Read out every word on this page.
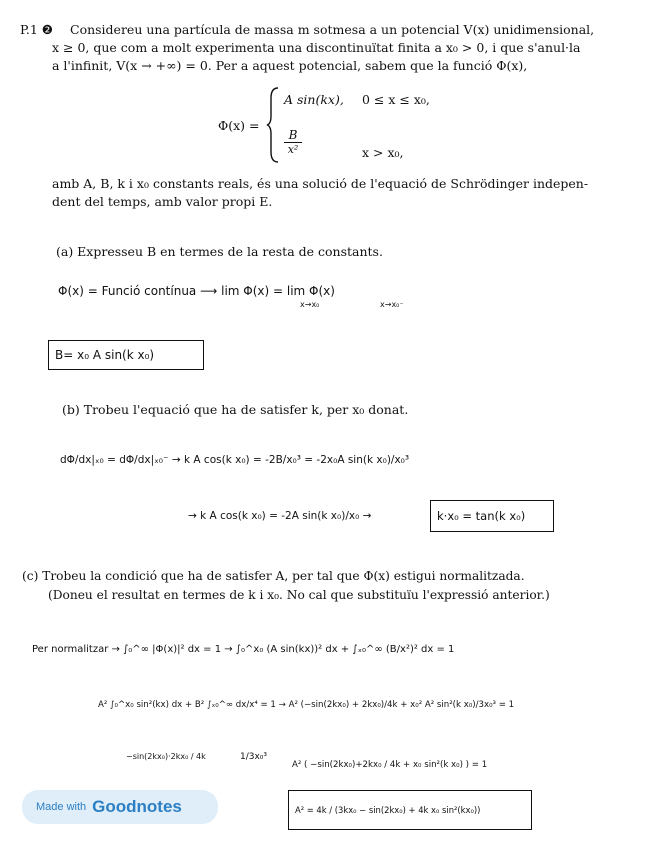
P.1 ❷ Considereu una partícula de massa m sotmesa a un potencial V(x) unidimensional,
x ≥ 0, que com a molt experimenta una discontinuïtat finita a x₀ > 0, i que s'anul·la
a l'infinit, V(x → +∞) = 0. Per a aquest potencial, sabem que la funció Φ(x),
Φ(x) =
A sin(kx), 0 ≤ x ≤ x₀,
$\frac{B}{\text{x²}}$	x > x₀,
amb A, B, k i x₀ constants reals, és una solució de l'equació de Schrödinger indepen-
dent del temps, amb valor propi E.
(a) Expresseu B en termes de la resta de constants.
Φ(x) = Funció contínua ⟶ lim Φ(x) = lim Φ(x)
x→x₀	x→x₀⁻
B= x₀ A sin(k x₀)
(b) Trobeu l'equació que ha de satisfer k, per x₀ donat.
dΦ/dx|ₓ₀ = dΦ/dx|ₓ₀⁻ → k A cos(k x₀) = -2B/x₀³ = -2x₀A sin(k x₀)/x₀³
→ k A cos(k x₀) = -2A sin(k x₀)/x₀ →	k·x₀ = tan(k x₀)
(c) Trobeu la condició que ha de satisfer A, per tal que Φ(x) estigui normalitzada.
(Doneu el resultat en termes de k i x₀. No cal que substituïu l'expressió anterior.)
Per normalitzar → ∫₀^∞ |Φ(x)|² dx = 1 → ∫₀^x₀ (A sin(kx))² dx + ∫ₓ₀^∞ (B/x²)² dx = 1
A² ∫₀^x₀ sin²(kx) dx + B² ∫ₓ₀^∞ dx/x⁴ = 1 → A² (−sin(2kx₀) + 2kx₀)/4k + x₀² A² sin²(k x₀)/3x₀³ = 1
−sin(2kx₀)·2kx₀ / 4k	1/3x₀³
A² ( −sin(2kx₀)+2kx₀ / 4k + x₀ sin²(k x₀) ) = 1
A² = 4k / (3kx₀ − sin(2kx₀) + 4k x₀ sin²(kx₀))
Made with Goodnotes
